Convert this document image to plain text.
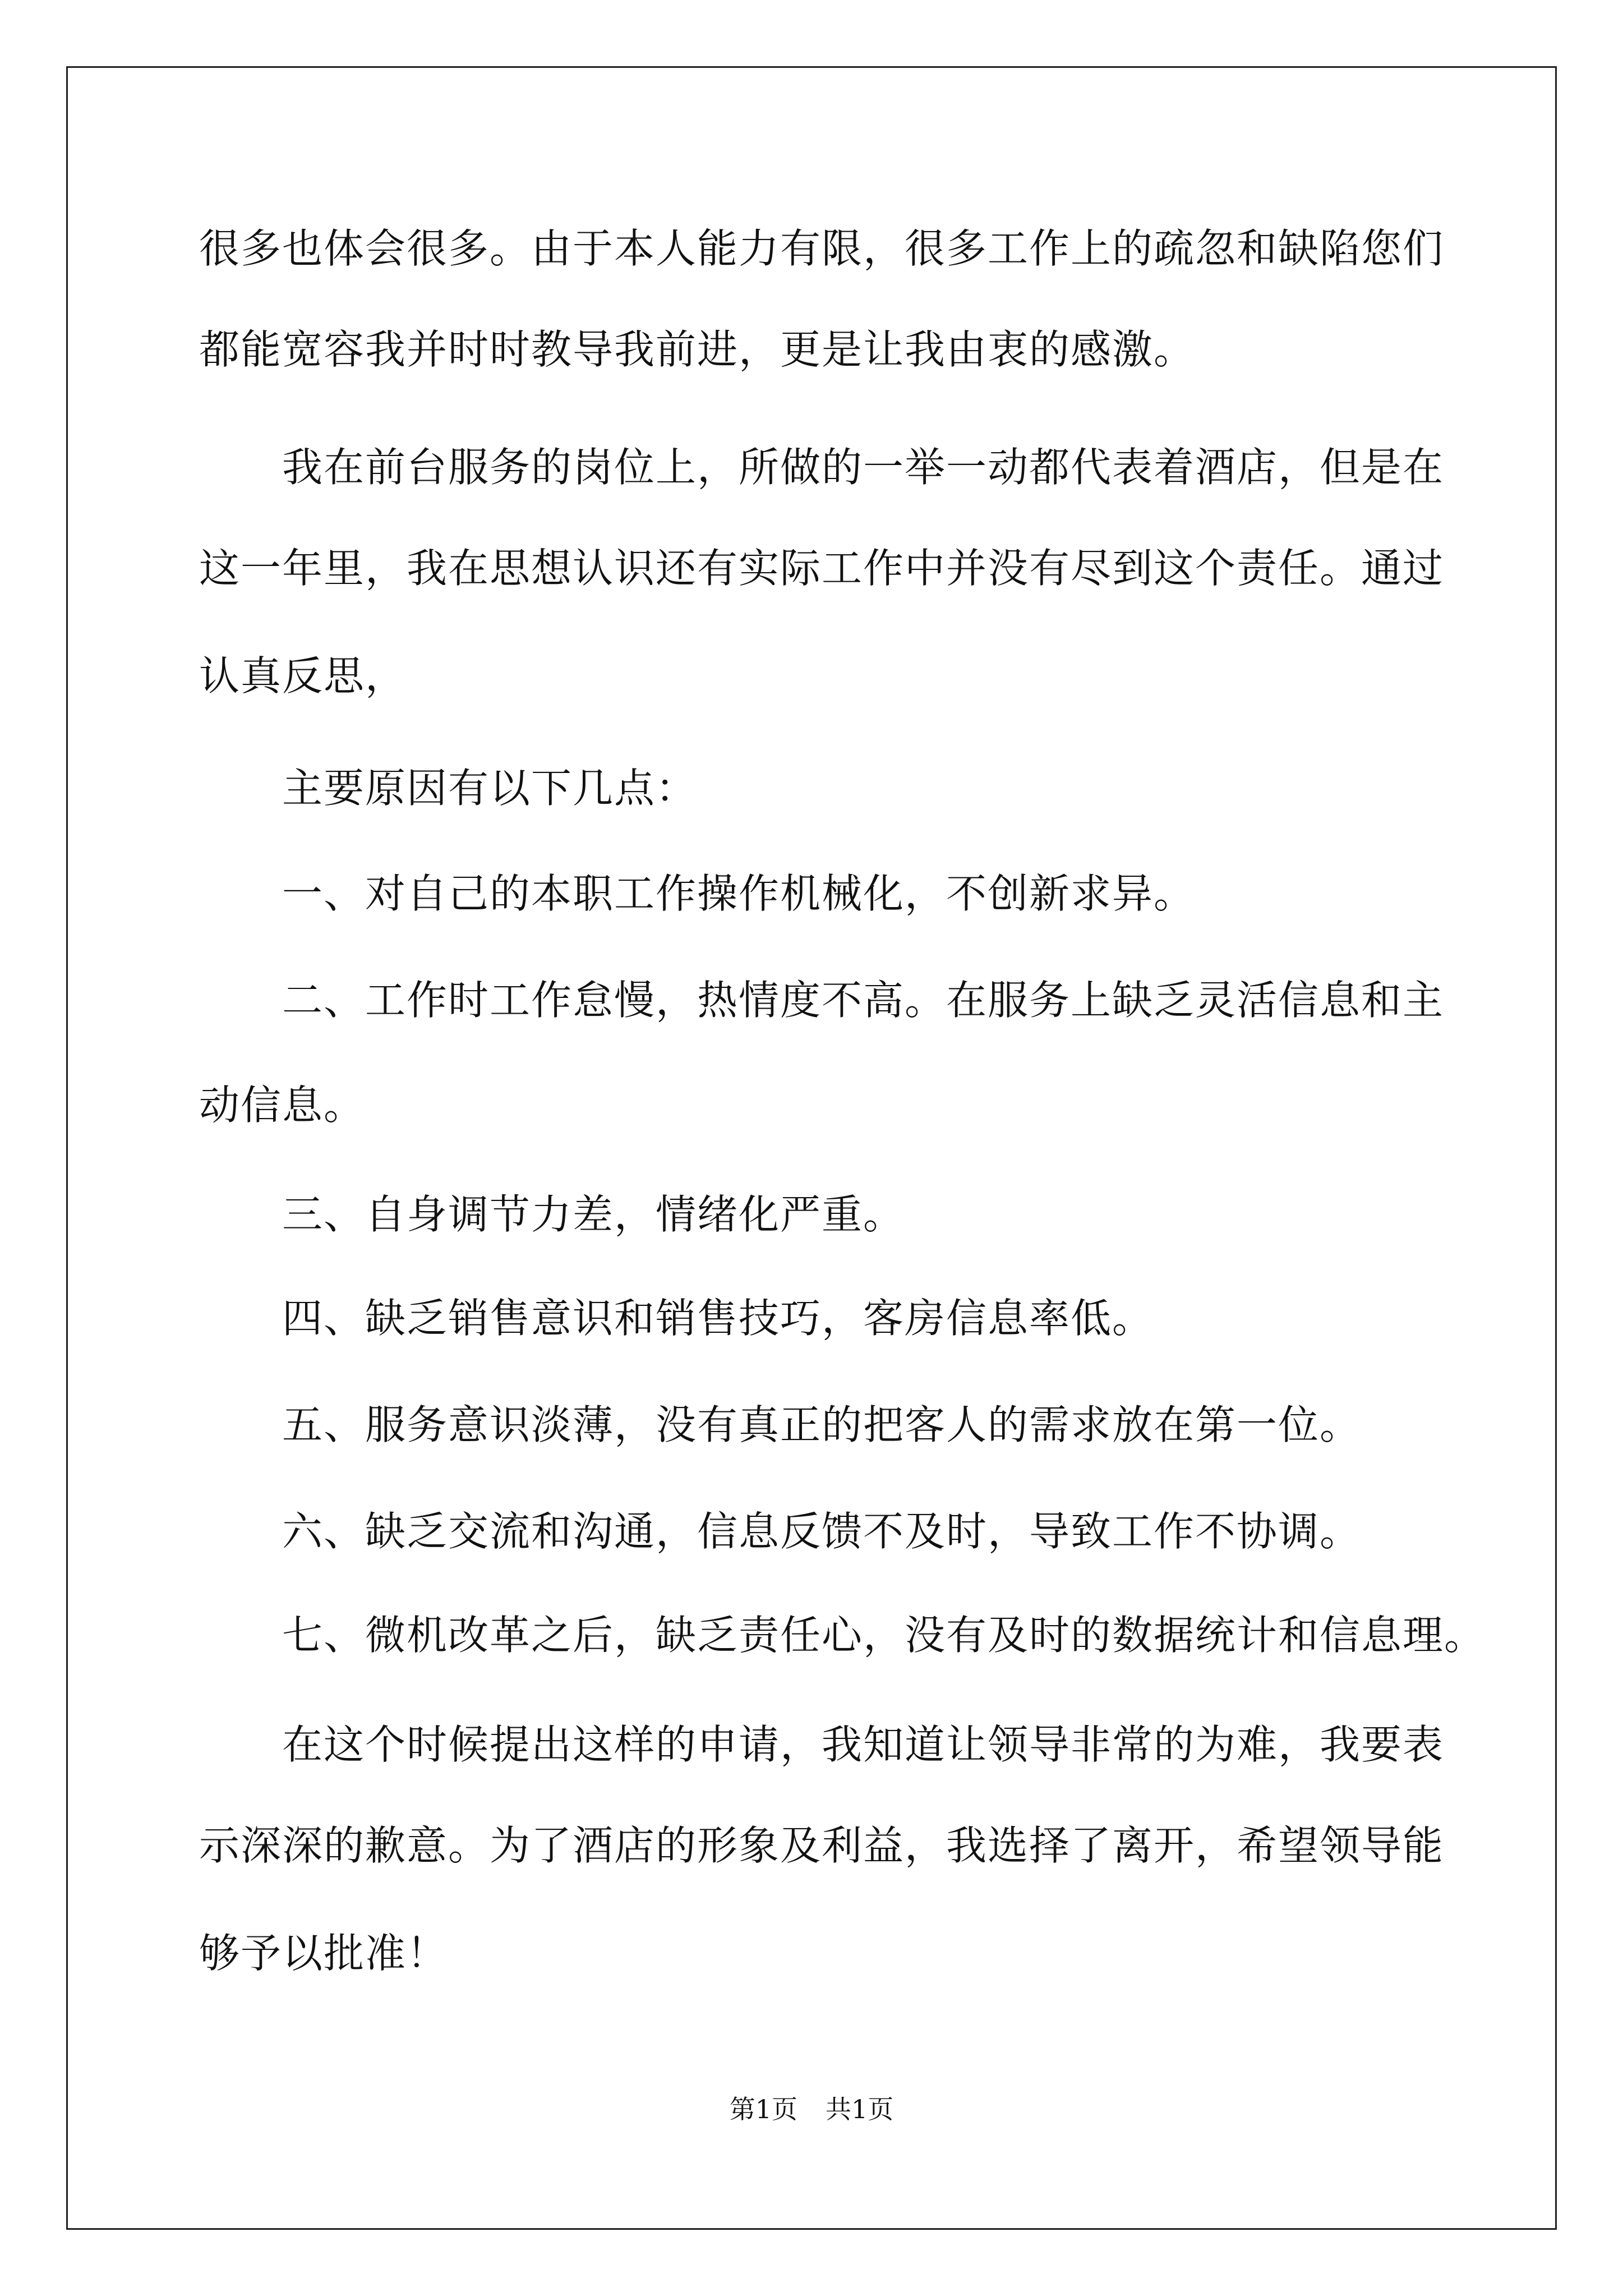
很多也体会很多。由于本人能力有限，很多工作上的疏忽和缺陷您们
都能宽容我并时时教导我前进，更是让我由衷的感激。
我在前台服务的岗位上，所做的一举一动都代表着酒店，但是在
这一年里，我在思想认识还有实际工作中并没有尽到这个责任。通过
认真反思，
主要原因有以下几点：
一、对自己的本职工作操作机械化，不创新求异。
二、工作时工作怠慢，热情度不高。在服务上缺乏灵活信息和主
动信息。
三、自身调节力差，情绪化严重。
四、缺乏销售意识和销售技巧，客房信息率低。
五、服务意识淡薄，没有真正的把客人的需求放在第一位。
六、缺乏交流和沟通，信息反馈不及时，导致工作不协调。
七、微机改革之后，缺乏责任心，没有及时的数据统计和信息理。
在这个时候提出这样的申请，我知道让领导非常的为难，我要表
示深深的歉意。为了酒店的形象及利益，我选择了离开，希望领导能
够予以批准！
第1页 共1页
